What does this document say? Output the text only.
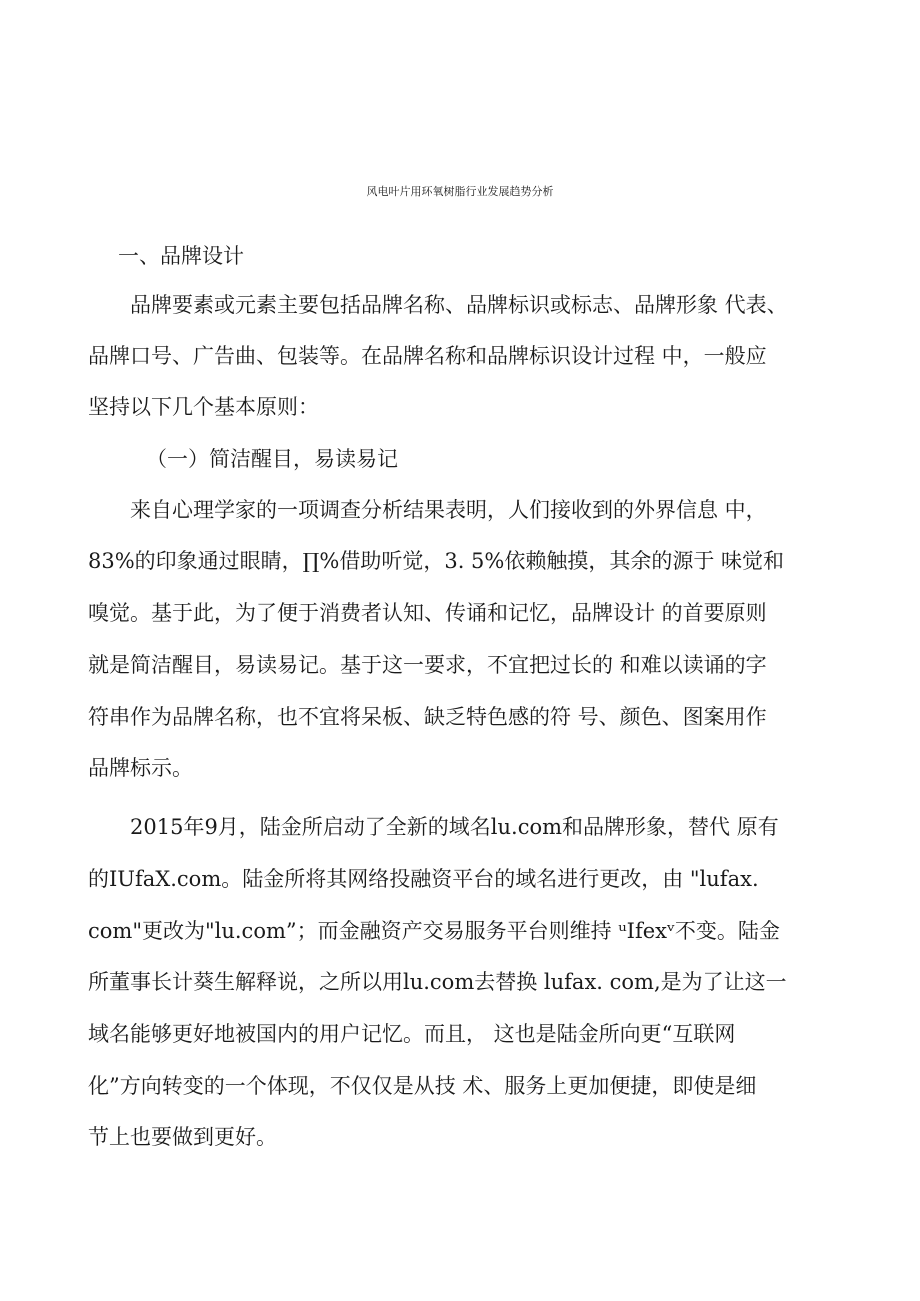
风电叶片用环氧树脂行业发展趋势分析

一、品牌设计

品牌要素或元素主要包括品牌名称、品牌标识或标志、品牌形象 代表、

品牌口号、广告曲、包装等。在品牌名称和品牌标识设计过程 中，一般应

坚持以下几个基本原则：

（一）简洁醒目，易读易记

来自心理学家的一项调查分析结果表明，人们接收到的外界信息 中，

83%的印象通过眼睛，∏%借助听觉，3. 5%依赖触摸，其余的源于 味觉和

嗅觉。基于此，为了便于消费者认知、传诵和记忆，品牌设计 的首要原则

就是简洁醒目，易读易记。基于这一要求，不宜把过长的 和难以读诵的字

符串作为品牌名称，也不宜将呆板、缺乏特色感的符 号、颜色、图案用作

品牌标示。

2015年9月，陆金所启动了全新的域名lu.com和品牌形象，替代 原有

的IUfaX.com。陆金所将其网络投融资平台的域名进行更改，由 "lufax.

com"更改为"lu.com”；而金融资产交易服务平台则维持 ᵘIfexᵛ不变。陆金

所董事长计葵生解释说，之所以用lu.com去替换 lufax. com,是为了让这一

域名能够更好地被国内的用户记忆。而且， 这也是陆金所向更“互联网

化”方向转变的一个体现，不仅仅是从技 术、服务上更加便捷，即使是细

节上也要做到更好。
